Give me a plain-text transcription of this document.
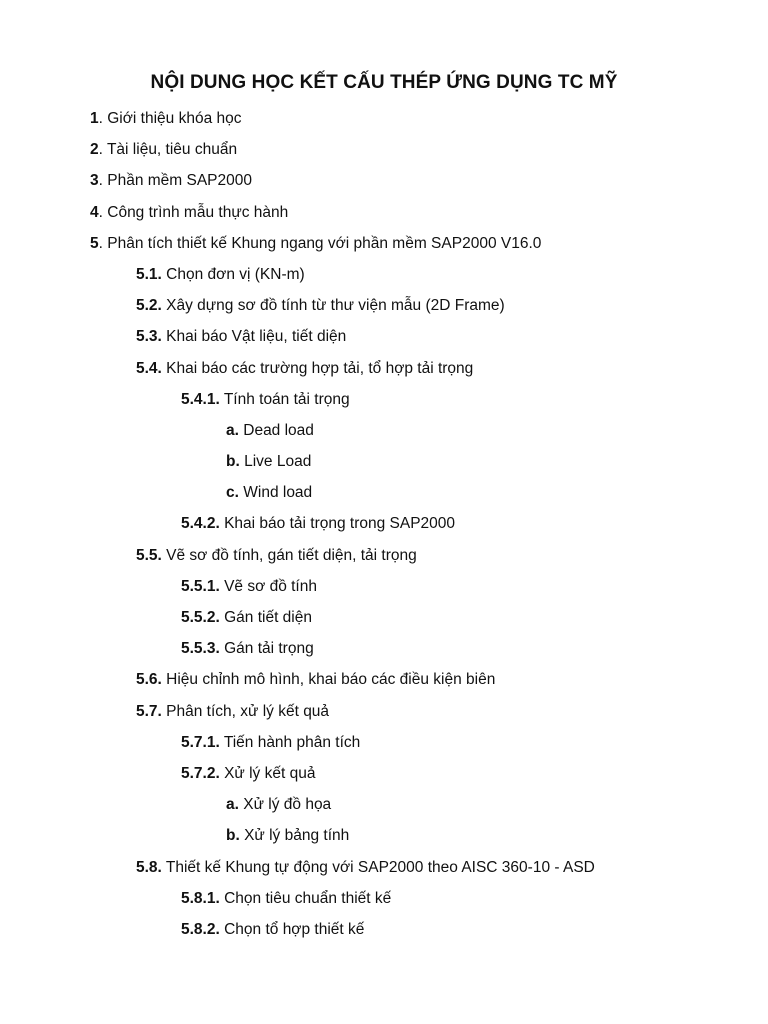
NỘI DUNG HỌC KẾT CẤU THÉP ỨNG DỤNG TC MỸ
1. Giới thiệu khóa học
2. Tài liệu, tiêu chuẩn
3. Phần mềm SAP2000
4. Công trình mẫu thực hành
5. Phân tích thiết kế Khung ngang với phần mềm SAP2000 V16.0
5.1. Chọn đơn vị (KN-m)
5.2. Xây dựng sơ đồ tính từ thư viện mẫu (2D Frame)
5.3. Khai báo Vật liệu, tiết diện
5.4. Khai báo các trường hợp tải, tổ hợp tải trọng
5.4.1. Tính toán tải trọng
a. Dead load
b. Live Load
c. Wind load
5.4.2. Khai báo tải trọng trong SAP2000
5.5. Vẽ sơ đồ tính, gán tiết diện, tải trọng
5.5.1. Vẽ sơ đồ tính
5.5.2. Gán tiết diện
5.5.3. Gán tải trọng
5.6. Hiệu chỉnh mô hình, khai báo các điều kiện biên
5.7. Phân tích, xử lý kết quả
5.7.1. Tiến hành phân tích
5.7.2. Xử lý kết quả
a. Xử lý đồ họa
b. Xử lý bảng tính
5.8. Thiết kế Khung tự động với SAP2000 theo AISC 360-10 - ASD
5.8.1. Chọn tiêu chuẩn thiết kế
5.8.2. Chọn tổ hợp thiết kế
